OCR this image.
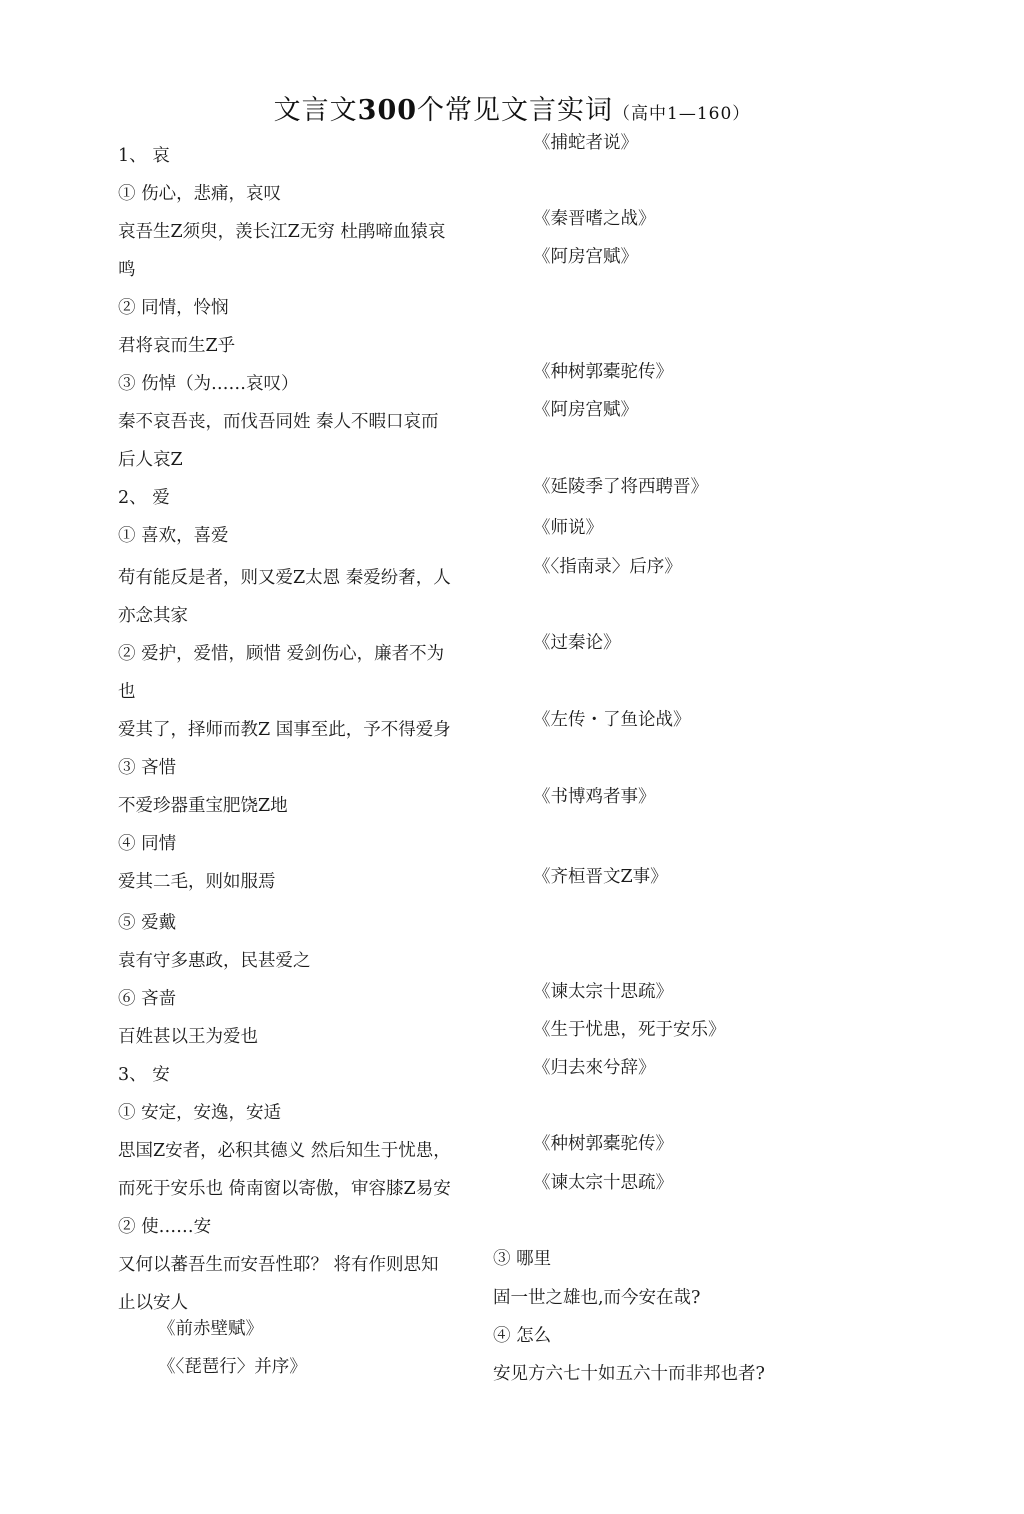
文言文300个常见文言实词（高中1—160）
1、 哀
① 伤心，悲痛，哀叹
哀吾生Z须臾，羡长江Z无穷 杜鹃啼血猿哀
鸣
② 同情，怜悯
君将哀而生Z乎
③ 伤悼（为……哀叹）
秦不哀吾丧，而伐吾同姓 秦人不暇口哀而
后人哀Z
2、 爱
① 喜欢，喜爱
苟有能反是者，则又爱Z太恩 秦爱纷奢，人
亦念其家
② 爱护，爱惜，顾惜 爱剑伤心，廉者不为
也
爱其了，择师而教Z 国事至此，予不得爱身
③ 吝惜
不爱珍器重宝肥饶Z地
④ 同情
爱其二毛，则如服焉
⑤ 爱戴
袁有守多惠政，民甚爱之
⑥ 吝啬
百姓甚以王为爱也
3、 安
① 安定，安逸，安适
思国Z安者，必积其德义 然后知生于忧患，
而死于安乐也 倚南窗以寄傲，审容膝Z易安
② 使……安
又何以蕃吾生而安吾性耶？ 将有作则思知
止以安人
《捕蛇者说》
《秦晋嗜之战》
《阿房宫赋》
《种树郭橐驼传》
《阿房宫赋》
《延陵季了将西聘晋》
《师说》
《〈指南录〉后序》
《过秦论》
《左传・了鱼论战》
《书博鸡者事》
《齐桓晋文Z事》
《谏太宗十思疏》
《生于忧患，死于安乐》
《归去來兮辞》
《种树郭橐驼传》
《谏太宗十思疏》
③ 哪里
固一世之雄也,而今安在哉?
④ 怎么
安见方六七十如五六十而非邦也者?
《前赤壁赋》
《〈琵琶行〉并序》
